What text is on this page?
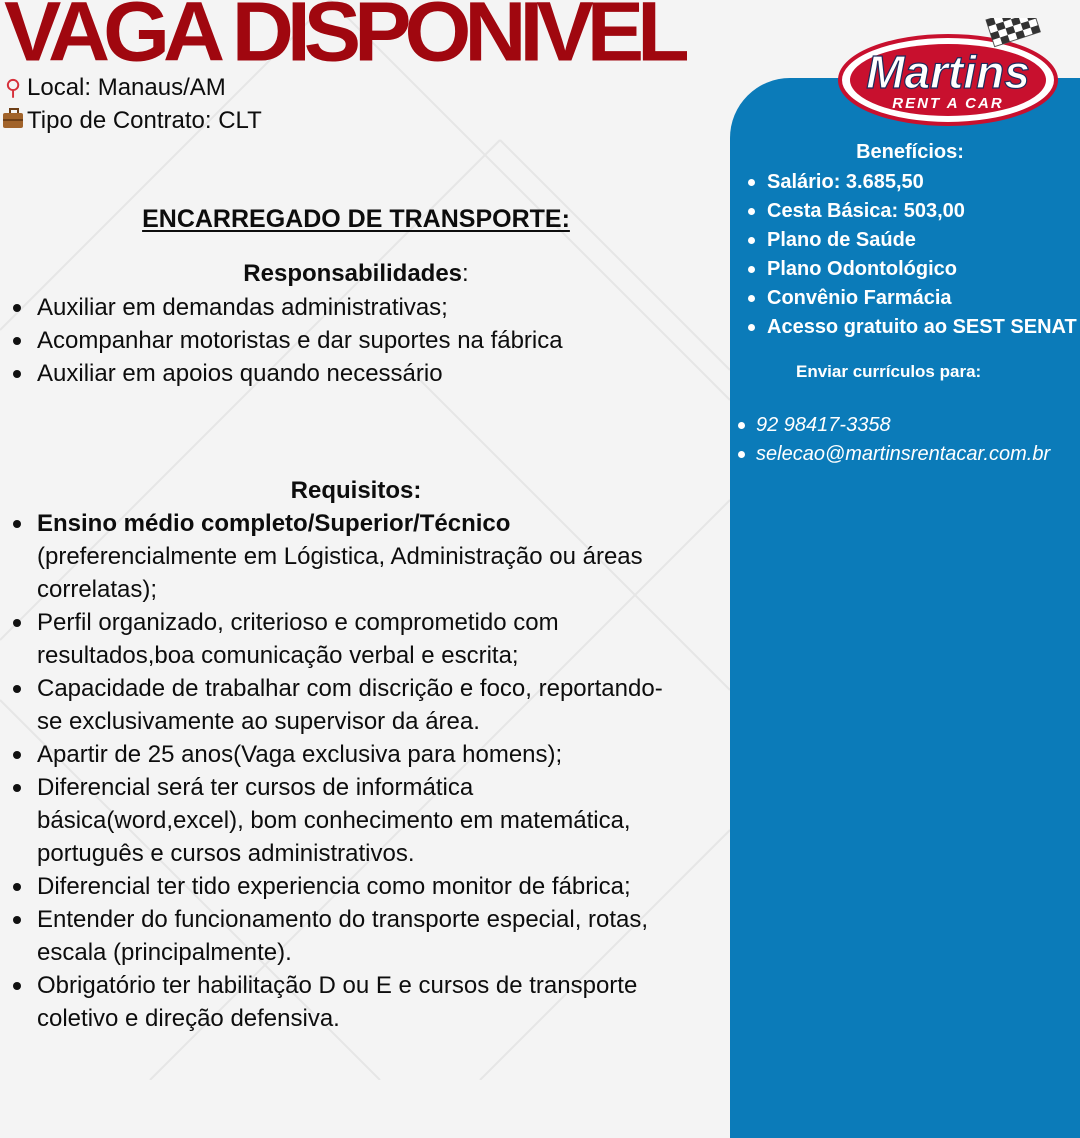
VAGA DISPONIVEL
⚲ Local: Manaus/AM
Tipo de Contrato: CLT
ENCARREGADO DE TRANSPORTE:
Responsabilidades:
Auxiliar em demandas administrativas;
Acompanhar motoristas e dar suportes na fábrica
Auxiliar em apoios quando necessário
Requisitos:
Ensino médio completo/Superior/Técnico
(preferencialmente em Lógistica, Administração ou áreas correlatas);
Perfil organizado, criterioso e comprometido com resultados,boa comunicação verbal e escrita;
Capacidade de trabalhar com discrição e foco, reportando-se exclusivamente ao supervisor da área.
Apartir de 25 anos(Vaga exclusiva para homens);
Diferencial será ter cursos de informática básica(word,excel), bom conhecimento em matemática, português e cursos administrativos.
Diferencial ter tido experiencia como monitor de fábrica;
Entender do funcionamento do transporte especial, rotas, escala (principalmente).
Obrigatório ter habilitação D ou E e cursos de transporte coletivo e direção defensiva.
Benefícios:
Salário: 3.685,50
Cesta Básica: 503,00
Plano de Saúde
Plano Odontológico
Convênio Farmácia
Acesso gratuito ao SEST SENAT
Enviar currículos para:
92 98417-3358
selecao@martinsrentacar.com.br
Martins
RENT A CAR
